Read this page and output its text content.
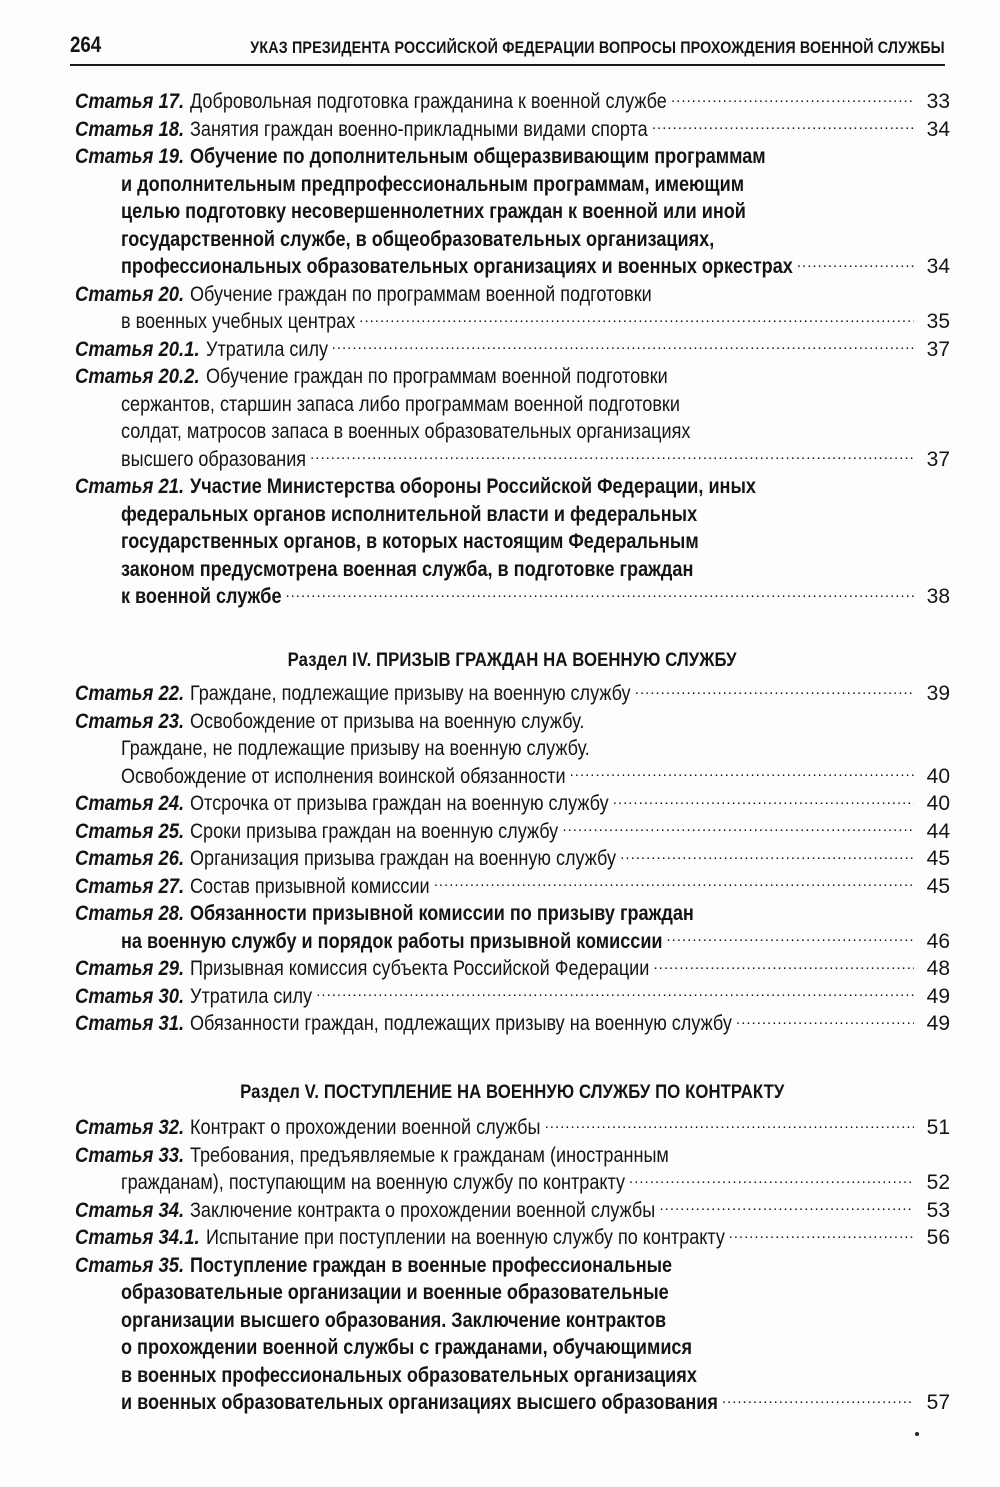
264	УКАЗ ПРЕЗИДЕНТА РОССИЙСКОЙ ФЕДЕРАЦИИ ВОПРОСЫ ПРОХОЖДЕНИЯ ВОЕННОЙ СЛУЖБЫ
Статья 17. Добровольная подготовка гражданина к военной службе .....	33
Статья 18. Занятия граждан военно-прикладными видами спорта .....	34
Статья 19. Обучение по дополнительным общеразвивающим программам
и дополнительным предпрофессиональным программам, имеющим
целью подготовку несовершеннолетних граждан к военной или иной
государственной службе, в общеобразовательных организациях,
профессиональных образовательных организациях и военных оркестрах .....	34
Статья 20. Обучение граждан по программам военной подготовки
в военных учебных центрах .....	35
Статья 20.1. Утратила силу .....	37
Статья 20.2. Обучение граждан по программам военной подготовки
сержантов, старшин запаса либо программам военной подготовки
солдат, матросов запаса в военных образовательных организациях
высшего образования .....	37
Статья 21. Участие Министерства обороны Российской Федерации, иных
федеральных органов исполнительной власти и федеральных
государственных органов, в которых настоящим Федеральным
законом предусмотрена военная служба, в подготовке граждан
к военной службе .....	38
Раздел IV. ПРИЗЫВ ГРАЖДАН НА ВОЕННУЮ СЛУЖБУ
Статья 22. Граждане, подлежащие призыву на военную службу .....	39
Статья 23. Освобождение от призыва на военную службу.
Граждане, не подлежащие призыву на военную службу.
Освобождение от исполнения воинской обязанности .....	40
Статья 24. Отсрочка от призыва граждан на военную службу .....	40
Статья 25. Сроки призыва граждан на военную службу .....	44
Статья 26. Организация призыва граждан на военную службу .....	45
Статья 27. Состав призывной комиссии .....	45
Статья 28. Обязанности призывной комиссии по призыву граждан
на военную службу и порядок работы призывной комиссии .....	46
Статья 29. Призывная комиссия субъекта Российской Федерации .....	48
Статья 30. Утратила силу .....	49
Статья 31. Обязанности граждан, подлежащих призыву на военную службу .....	49
Раздел V. ПОСТУПЛЕНИЕ НА ВОЕННУЮ СЛУЖБУ ПО КОНТРАКТУ
Статья 32. Контракт о прохождении военной службы .....	51
Статья 33. Требования, предъявляемые к гражданам (иностранным
гражданам), поступающим на военную службу по контракту .....	52
Статья 34. Заключение контракта о прохождении военной службы .....	53
Статья 34.1. Испытание при поступлении на военную службу по контракту .....	56
Статья 35. Поступление граждан в военные профессиональные
образовательные организации и военные образовательные
организации высшего образования. Заключение контрактов
о прохождении военной службы с гражданами, обучающимися
в военных профессиональных образовательных организациях
и военных образовательных организациях высшего образования .....	57
